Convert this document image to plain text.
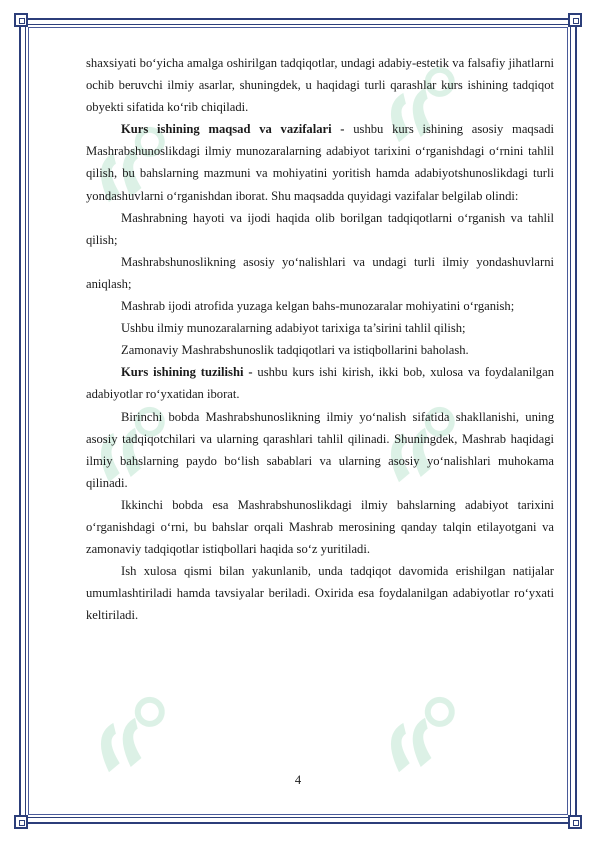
shaxsiyati bo‘yicha amalga oshirilgan tadqiqotlar, undagi adabiy-estetik va falsafiy jihatlarni ochib beruvchi ilmiy asarlar, shuningdek, u haqidagi turli qarashlar kurs ishining tadqiqot obyekti sifatida ko‘rib chiqiladi.

Kurs ishining maqsad va vazifalari - ushbu kurs ishining asosiy maqsadi Mashrabshunoslikdagi ilmiy munozaralarning adabiyot tarixini o‘rganishdagi o‘rnini tahlil qilish, bu bahslarning mazmuni va mohiyatini yoritish hamda adabiyotshunoslikdagi turli yondashuvlarni o‘rganishdan iborat. Shu maqsadda quyidagi vazifalar belgilab olindi:

Mashrabning hayoti va ijodi haqida olib borilgan tadqiqotlarni o‘rganish va tahlil qilish;

Mashrabshunoslikning asosiy yo‘nalishlari va undagi turli ilmiy yondashuvlarni aniqlash;

Mashrab ijodi atrofida yuzaga kelgan bahs-munozaralar mohiyatini o‘rganish;

Ushbu ilmiy munozaralarning adabiyot tarixiga ta’sirini tahlil qilish;

Zamonaviy Mashrabshunoslik tadqiqotlari va istiqbollarini baholash.

Kurs ishining tuzilishi - ushbu kurs ishi kirish, ikki bob, xulosa va foydalanilgan adabiyotlar ro‘yxatidan iborat.

Birinchi bobda Mashrabshunoslikning ilmiy yo‘nalish sifatida shakllanishi, uning asosiy tadqiqotchilari va ularning qarashlari tahlil qilinadi. Shuningdek, Mashrab haqidagi ilmiy bahslarning paydo bo‘lish sabablari va ularning asosiy yo‘nalishlari muhokama qilinadi.

Ikkinchi bobda esa Mashrabshunoslikdagi ilmiy bahslarning adabiyot tarixini o‘rganishdagi o‘rni, bu bahslar orqali Mashrab merosining qanday talqin etilayotgani va zamonaviy tadqiqotlar istiqbollari haqida so‘z yuritiladi.

Ish xulosa qismi bilan yakunlanib, unda tadqiqot davomida erishilgan natijalar umumlashtiriladi hamda tavsiyalar beriladi. Oxirida esa foydalanilgan adabiyotlar ro‘yxati keltiriladi.

4
